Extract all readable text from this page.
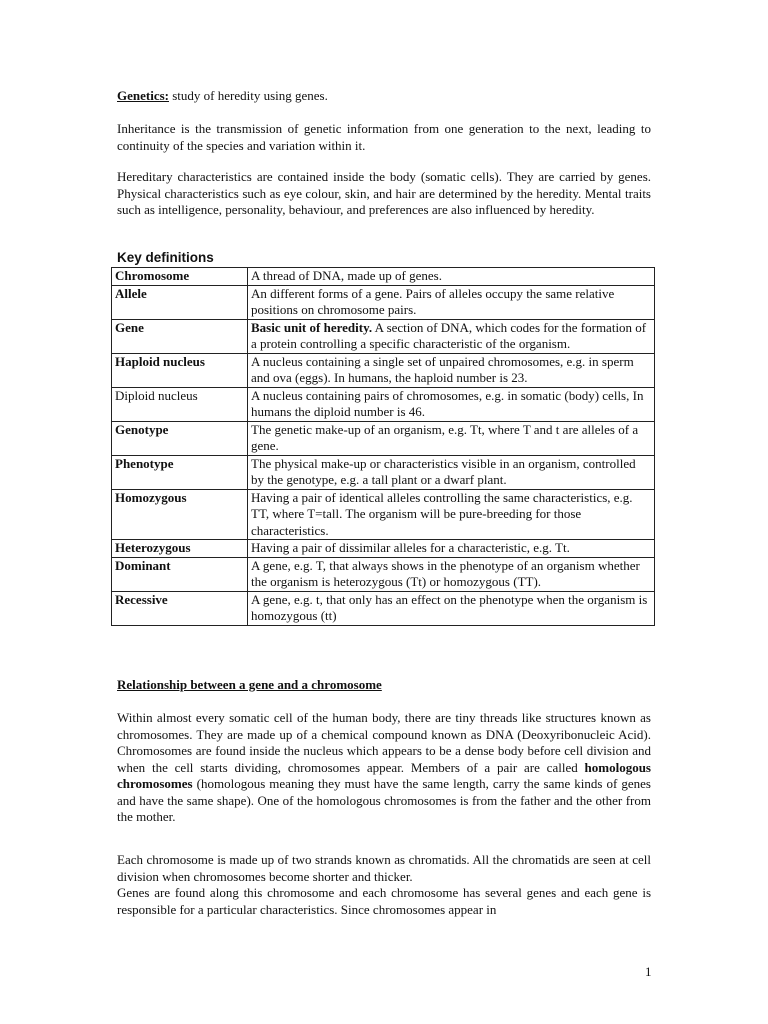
Genetics: study of heredity using genes.

Inheritance is the transmission of genetic information from one generation to the next, leading to continuity of the species and variation within it.

Hereditary characteristics are contained inside the body (somatic cells). They are carried by genes. Physical characteristics such as eye colour, skin, and hair are determined by the heredity. Mental traits such as intelligence, personality, behaviour, and preferences are also influenced by heredity.

Key definitions
Chromosome	A thread of DNA, made up of genes.
Allele	An different forms of a gene. Pairs of alleles occupy the same relative positions on chromosome pairs.
Gene	Basic unit of heredity. A section of DNA, which codes for the formation of a protein controlling a specific characteristic of the organism.
Haploid nucleus	A nucleus containing a single set of unpaired chromosomes, e.g. in sperm and ova (eggs). In humans, the haploid number is 23.
Diploid nucleus	A nucleus containing pairs of chromosomes, e.g. in somatic (body) cells, In humans the diploid number is 46.
Genotype	The genetic make-up of an organism, e.g. Tt, where T and t are alleles of a gene.
Phenotype	The physical make-up or characteristics visible in an organism, controlled by the genotype, e.g. a tall plant or a dwarf plant.
Homozygous	Having a pair of identical alleles controlling the same characteristics, e.g. TT, where T=tall. The organism will be pure-breeding for those characteristics.
Heterozygous	Having a pair of dissimilar alleles for a characteristic, e.g. Tt.
Dominant	A gene, e.g. T, that always shows in the phenotype of an organism whether the organism is heterozygous (Tt) or homozygous (TT).
Recessive	A gene, e.g. t, that only has an effect on the phenotype when the organism is homozygous (tt)

Relationship between a gene and a chromosome

Within almost every somatic cell of the human body, there are tiny threads like structures known as chromosomes. They are made up of a chemical compound known as DNA (Deoxyribonucleic Acid). Chromosomes are found inside the nucleus which appears to be a dense body before cell division and when the cell starts dividing, chromosomes appear. Members of a pair are called homologous chromosomes (homologous meaning they must have the same length, carry the same kinds of genes and have the same shape). One of the homologous chromosomes is from the father and the other from the mother.

Each chromosome is made up of two strands known as chromatids. All the chromatids are seen at cell division when chromosomes become shorter and thicker.

Genes are found along this chromosome and each chromosome has several genes and each gene is responsible for a particular characteristics. Since chromosomes appear in

1
